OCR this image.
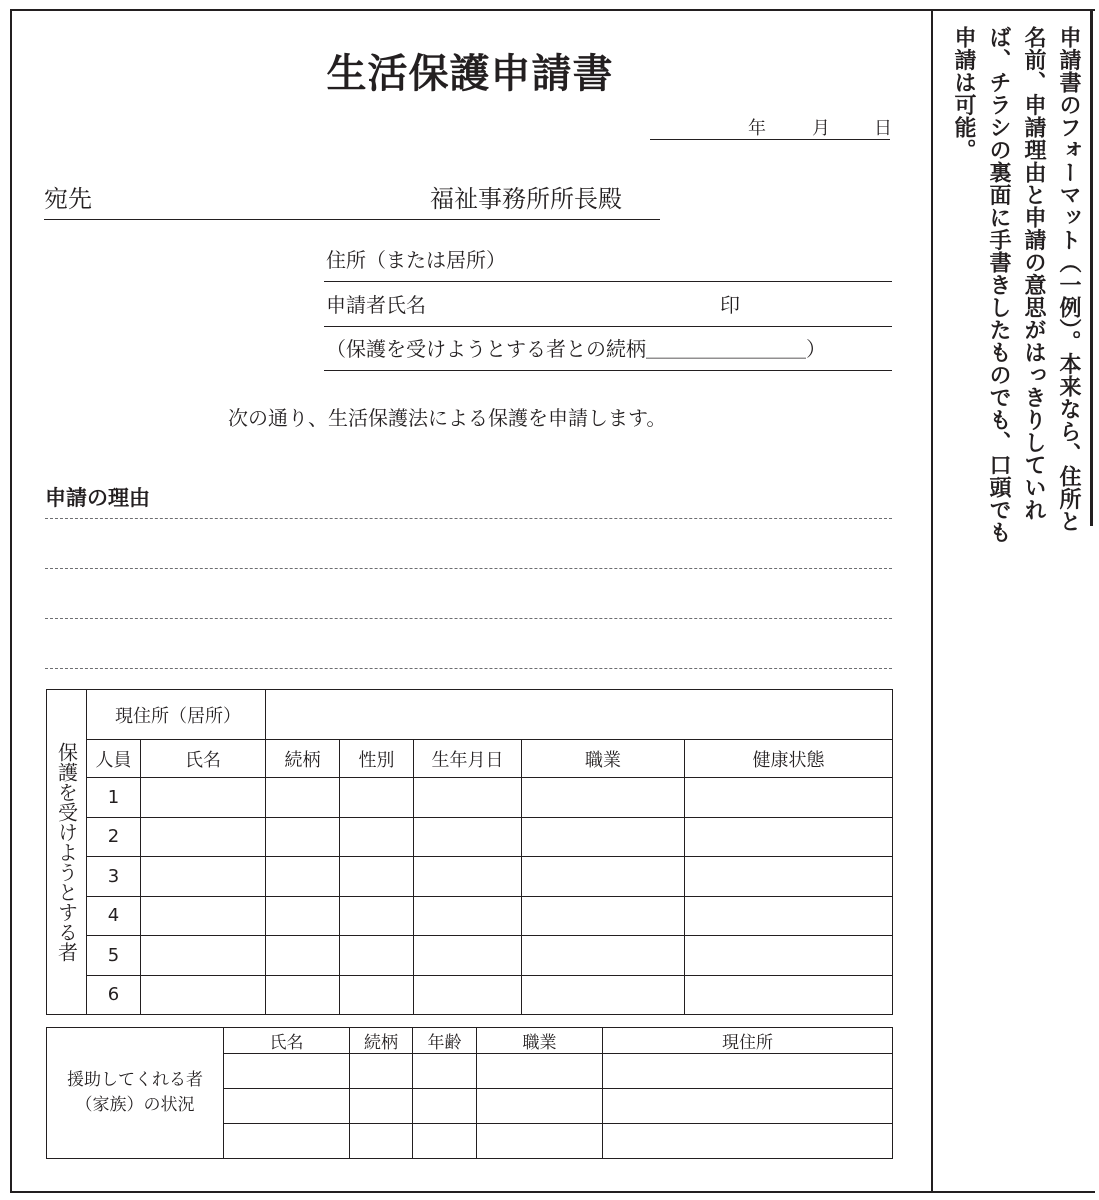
生活保護申請書
年	月 日
宛先	福祉事務所所長殿
住所（または居所）
申請者氏名	印
（保護を受けようとする者との続柄＿＿＿＿＿＿＿＿）
次の通り、生活保護法による保護を申請します。
申請の理由
保護を受けようとする者	現住所（居所）						
	人員	氏名	続柄	性別	生年月日	職業	健康状態
	1						
	2						
	3						
	4						
	5						
	6						
援助してくれる者
（家族）の状況	氏名	続柄	年齢	職業	現住所

申請書のフォーマット（一例）。本来なら、住所と名前、申請理由と申請の意思がはっきりしていれば、チラシの裏面に手書きしたものでも、口頭でも申請は可能。
